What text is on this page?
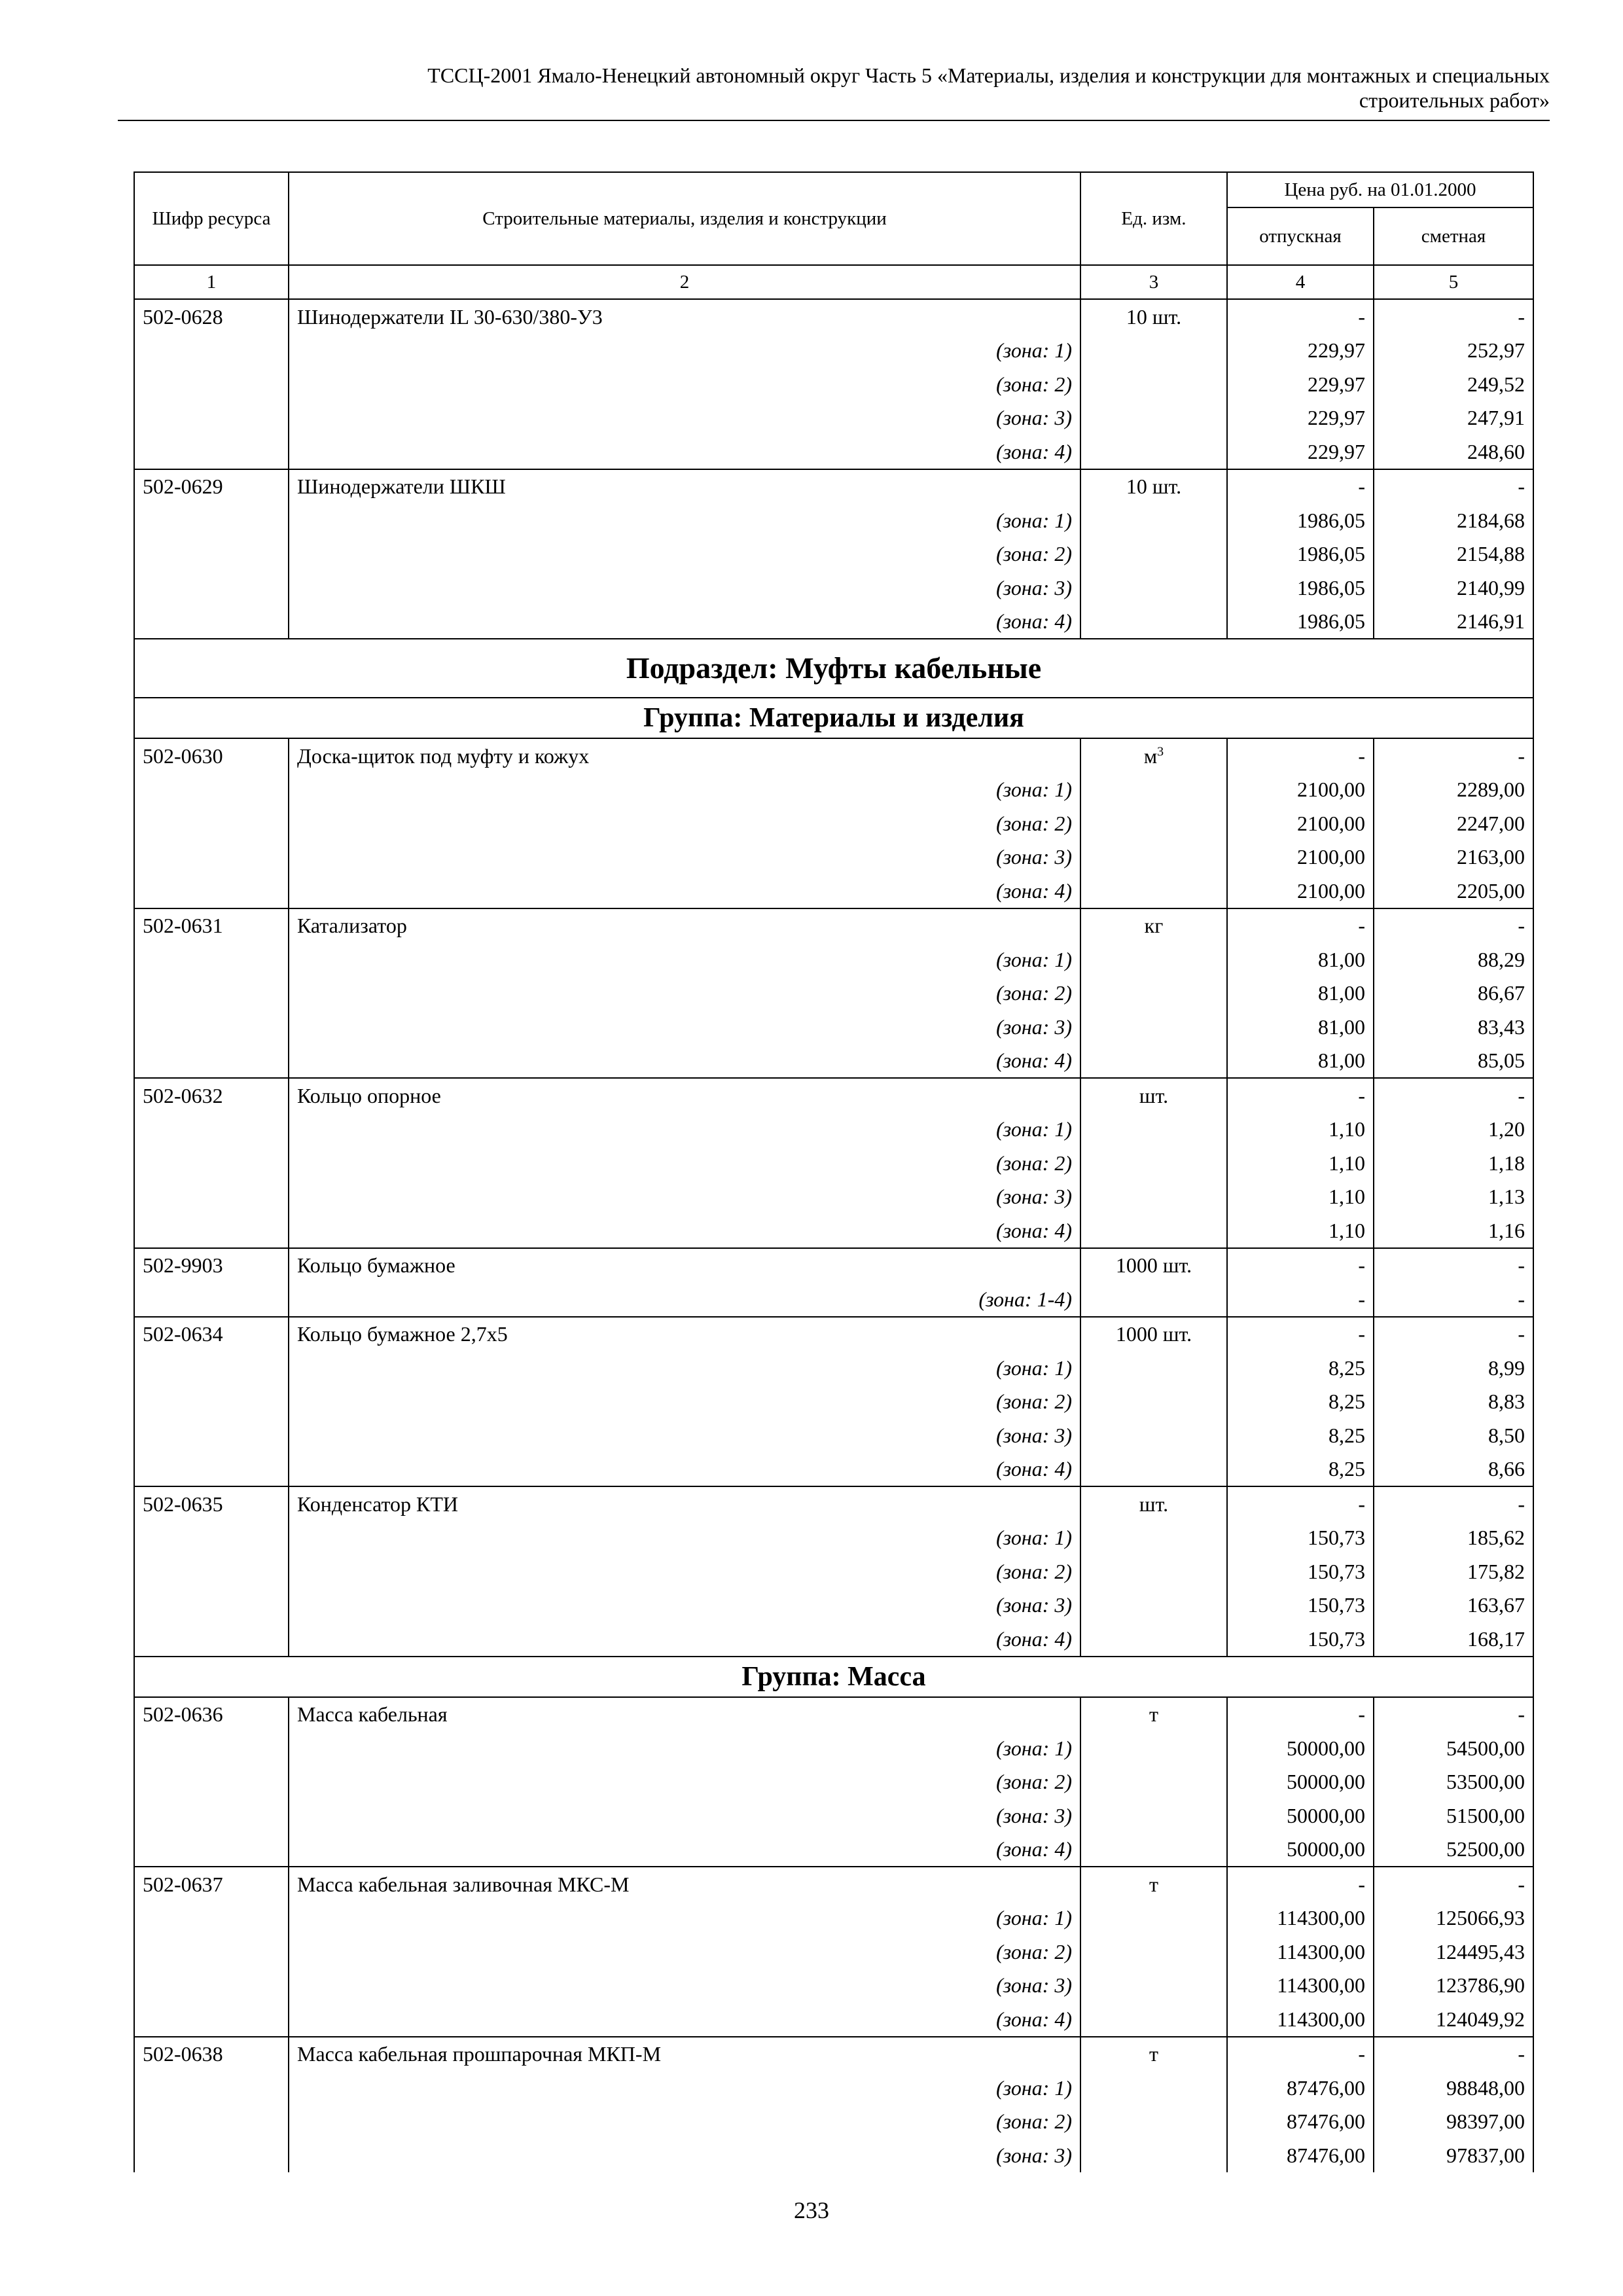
ТССЦ-2001 Ямало-Ненецкий автономный округ Часть 5 «Материалы, изделия и конструкции для монтажных и специальных
строительных работ»
Шифр ресурса	Строительные материалы, изделия и конструкции	Ед. изм.	Цена руб. на 01.01.2000	
			отпускная	сметная
1	2	3	4	5
502-0628	Шинодержатели IL 30-630/380-У3	10 шт.	-	-
	(зона: 1)		229,97	252,97
	(зона: 2)		229,97	249,52
	(зона: 3)		229,97	247,91
	(зона: 4)		229,97	248,60
502-0629	Шинодержатели ШКШ	10 шт.	-	-
	(зона: 1)		1986,05	2184,68
	(зона: 2)		1986,05	2154,88
	(зона: 3)		1986,05	2140,99
	(зона: 4)		1986,05	2146,91
Подраздел: Муфты кабельные				
Группа: Материалы и изделия				
502-0630	Доска-щиток под муфту и кожух	$м^3$	-	-
	(зона: 1)		2100,00	2289,00
	(зона: 2)		2100,00	2247,00
	(зона: 3)		2100,00	2163,00
	(зона: 4)		2100,00	2205,00
502-0631	Катализатор	кг	-	-
	(зона: 1)		81,00	88,29
	(зона: 2)		81,00	86,67
	(зона: 3)		81,00	83,43
	(зона: 4)		81,00	85,05
502-0632	Кольцо опорное	шт.	-	-
	(зона: 1)		1,10	1,20
	(зона: 2)		1,10	1,18
	(зона: 3)		1,10	1,13
	(зона: 4)		1,10	1,16
502-9903	Кольцо бумажное	1000 шт.	-	-
	(зона: 1-4)		-	-
502-0634	Кольцо бумажное 2,7х5	1000 шт.	-	-
	(зона: 1)		8,25	8,99
	(зона: 2)		8,25	8,83
	(зона: 3)		8,25	8,50
	(зона: 4)		8,25	8,66
502-0635	Конденсатор КТИ	шт.	-	-
	(зона: 1)		150,73	185,62
	(зона: 2)		150,73	175,82
	(зона: 3)		150,73	163,67
	(зона: 4)		150,73	168,17
Группа: Масса				
502-0636	Масса кабельная	т	-	-
	(зона: 1)		50000,00	54500,00
	(зона: 2)		50000,00	53500,00
	(зона: 3)		50000,00	51500,00
	(зона: 4)		50000,00	52500,00
502-0637	Масса кабельная заливочная МКС-М	т	-	-
	(зона: 1)		114300,00	125066,93
	(зона: 2)		114300,00	124495,43
	(зона: 3)		114300,00	123786,90
	(зона: 4)		114300,00	124049,92
502-0638	Масса кабельная прошпарочная МКП-М	т	-	-
	(зона: 1)		87476,00	98848,00
	(зона: 2)		87476,00	98397,00
	(зона: 3)		87476,00	97837,00
233
